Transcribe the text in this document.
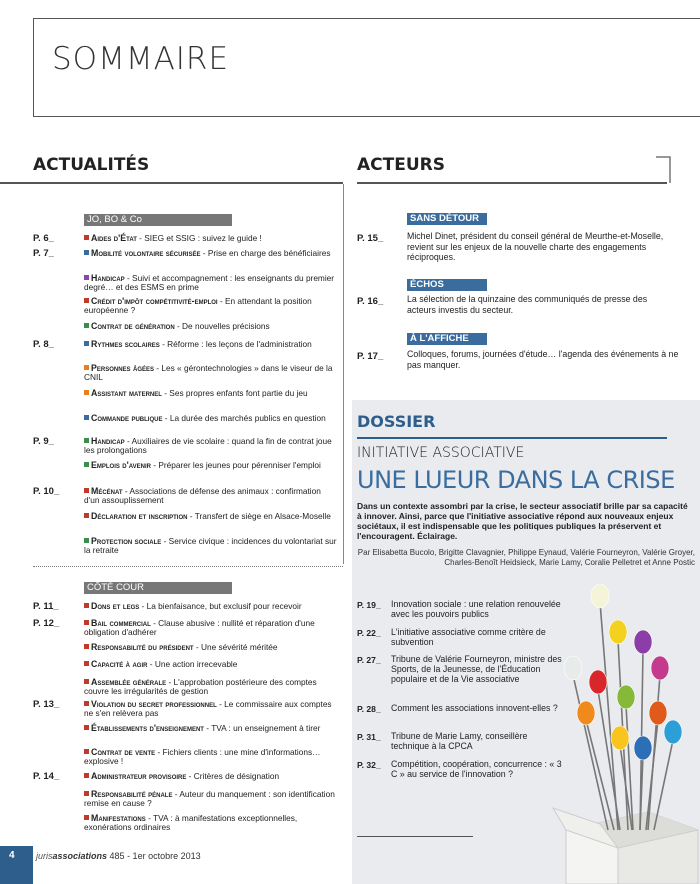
SOMMAIRE
ACTUALITÉS	ACTEURS
JO, BO & Co
P. 6_	Aides d'État - SIEG et SSIG : suivez le guide !
P. 7_	Mobilité volontaire sécurisée - Prise en charge des bénéficiaires
Handicap - Suivi et accompagnement : les enseignants du premier degré… et des ESMS en prime
Crédit d'impôt compétitivité-emploi - En attendant la position européenne ?
Contrat de génération - De nouvelles précisions
P. 8_	Rythmes scolaires - Réforme : les leçons de l'administration
Personnes âgées - Les « gérontechnologies » dans le viseur de la CNIL
Assistant maternel - Ses propres enfants font partie du jeu
Commande publique - La durée des marchés publics en question
P. 9_	Handicap - Auxiliaires de vie scolaire : quand la fin de contrat joue les prolongations
Emplois d'avenir - Préparer les jeunes pour pérenniser l'emploi
P. 10_	Mécénat - Associations de défense des animaux : confirmation d'un assouplissement
Déclaration et inscription - Transfert de siège en Alsace-Moselle
Protection sociale - Service civique : incidences du volontariat sur la retraite
CÔTÉ COUR
P. 11_	Dons et legs - La bienfaisance, but exclusif pour recevoir
P. 12_	Bail commercial - Clause abusive : nullité et réparation d'une obligation d'adhérer
Responsabilité du président - Une sévérité méritée
Capacité à agir - Une action irrecevable
Assemblée générale - L'approbation postérieure des comptes couvre les irrégularités de gestion
P. 13_	Violation du secret professionnel - Le commissaire aux comptes ne s'en relèvera pas
Établissements d'enseignement - TVA : un enseignement à tirer
Contrat de vente - Fichiers clients : une mine d'informations… explosive !
P. 14_	Administrateur provisoire - Critères de désignation
Responsabilité pénale - Auteur du manquement : son identification remise en cause ?
Manifestations - TVA : à manifestations exceptionnelles, exonérations ordinaires
SANS DÉTOUR
P. 15_	Michel Dinet, président du conseil général de Meurthe-et-Moselle, revient sur les enjeux de la nouvelle charte des engagements réciproques.
ÉCHOS
P. 16_	La sélection de la quinzaine des communiqués de presse des acteurs investis du secteur.
À L'AFFICHE
P. 17_	Colloques, forums, journées d'étude… l'agenda des événements à ne pas manquer.
DOSSIER
INITIATIVE ASSOCIATIVE
UNE LUEUR DANS LA CRISE
Dans un contexte assombri par la crise, le secteur associatif brille par sa capacité à innover. Ainsi, parce que l'initiative associative répond aux nouveaux enjeux sociétaux, il est indispensable que les politiques publiques la préservent et l'encouragent. Éclairage.
Par Elisabetta Bucolo, Brigitte Clavagnier, Philippe Eynaud, Valérie Fourneyron, Valérie Groyer, Charles-Benoît Heidsieck, Marie Lamy, Coralie Pelletret et Anne Postic
P. 19_ Innovation sociale : une relation renouvelée avec les pouvoirs publics
P. 22_ L'initiative associative comme critère de subvention
P. 27_ Tribune de Valérie Fourneyron, ministre des Sports, de la Jeunesse, de l'Éducation populaire et de la Vie associative
P. 28_ Comment les associations innovent-elles ?
P. 31_ Tribune de Marie Lamy, conseillère technique à la CPCA
P. 32_ Compétition, coopération, concurrence : « 3 C » au service de l'innovation ?
4	jurisassociations 485 - 1er octobre 2013
